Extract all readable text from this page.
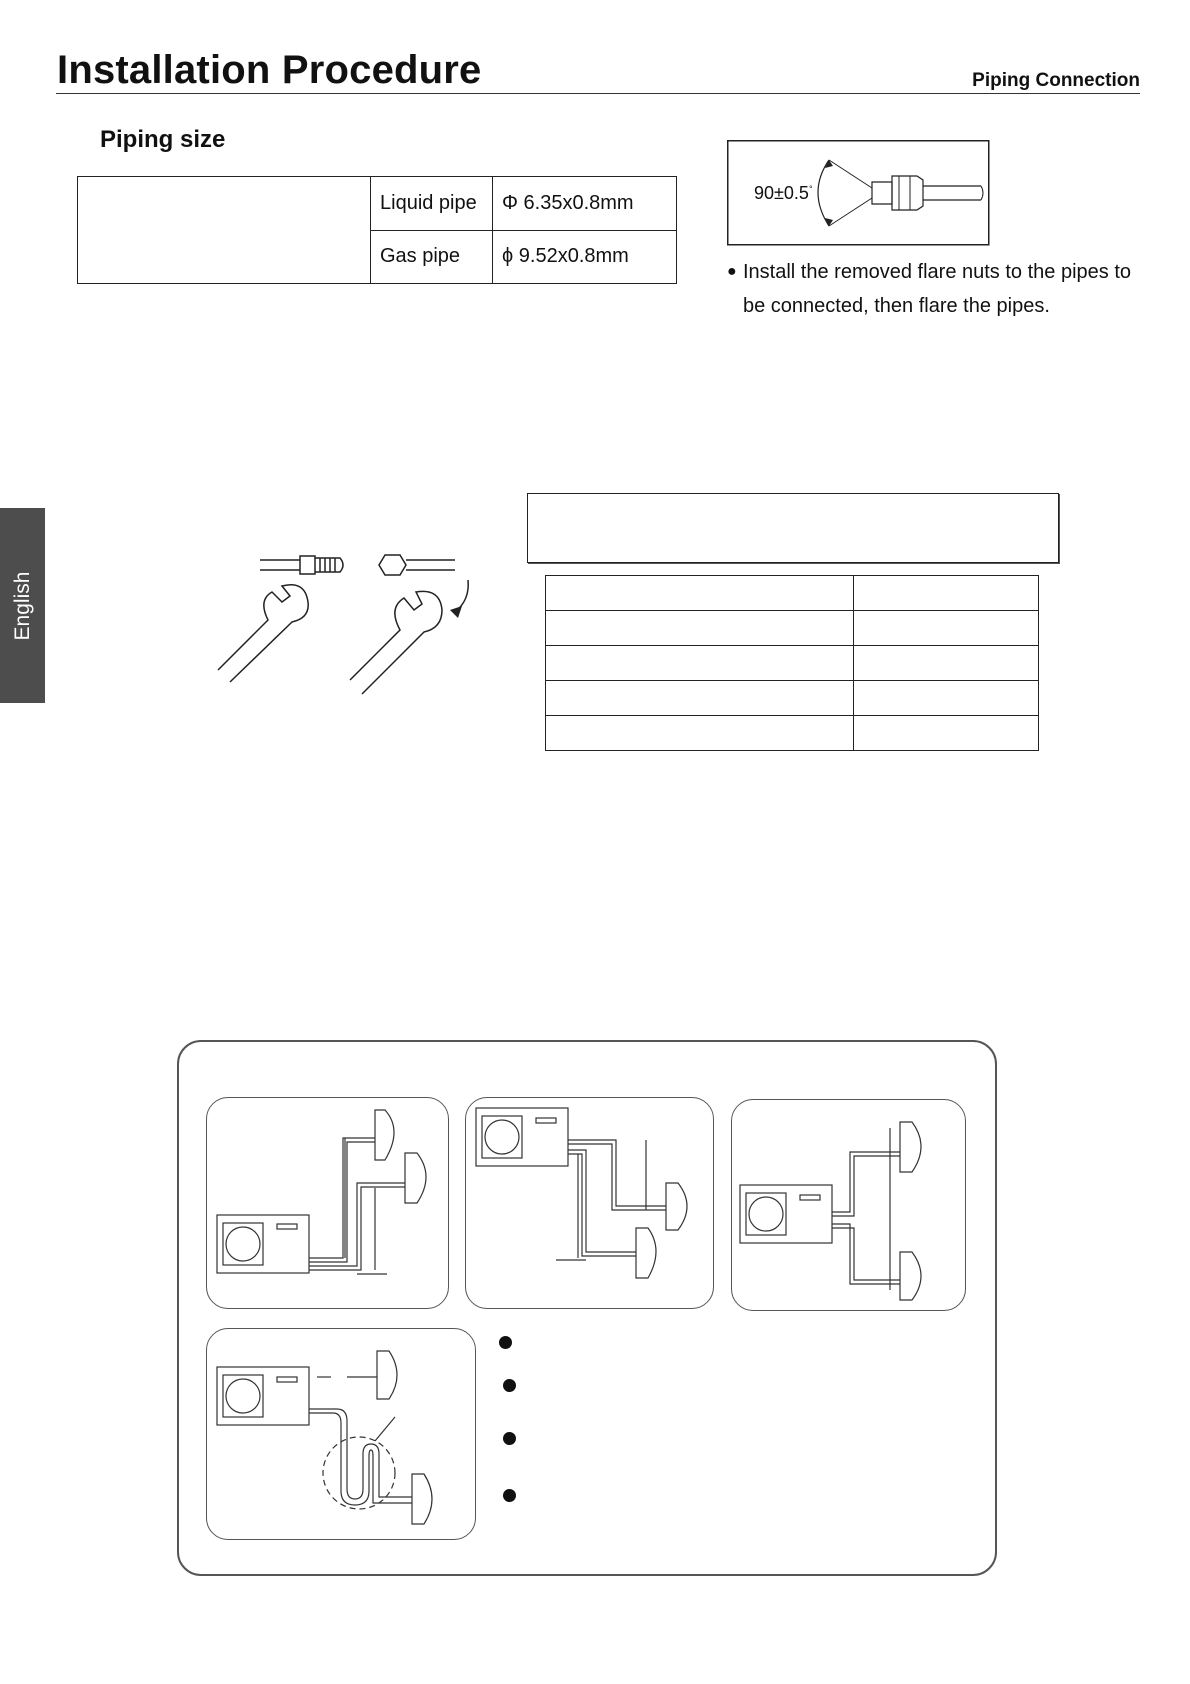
Installation Procedure	Piping Connection
Piping size
	Liquid pipe	Φ 6.35x0.8mm
	Gas pipe	ϕ 9.52x0.8mm
90±0.5°
● Install the removed flare nuts to the pipes to be connected, then flare the pipes.
English
